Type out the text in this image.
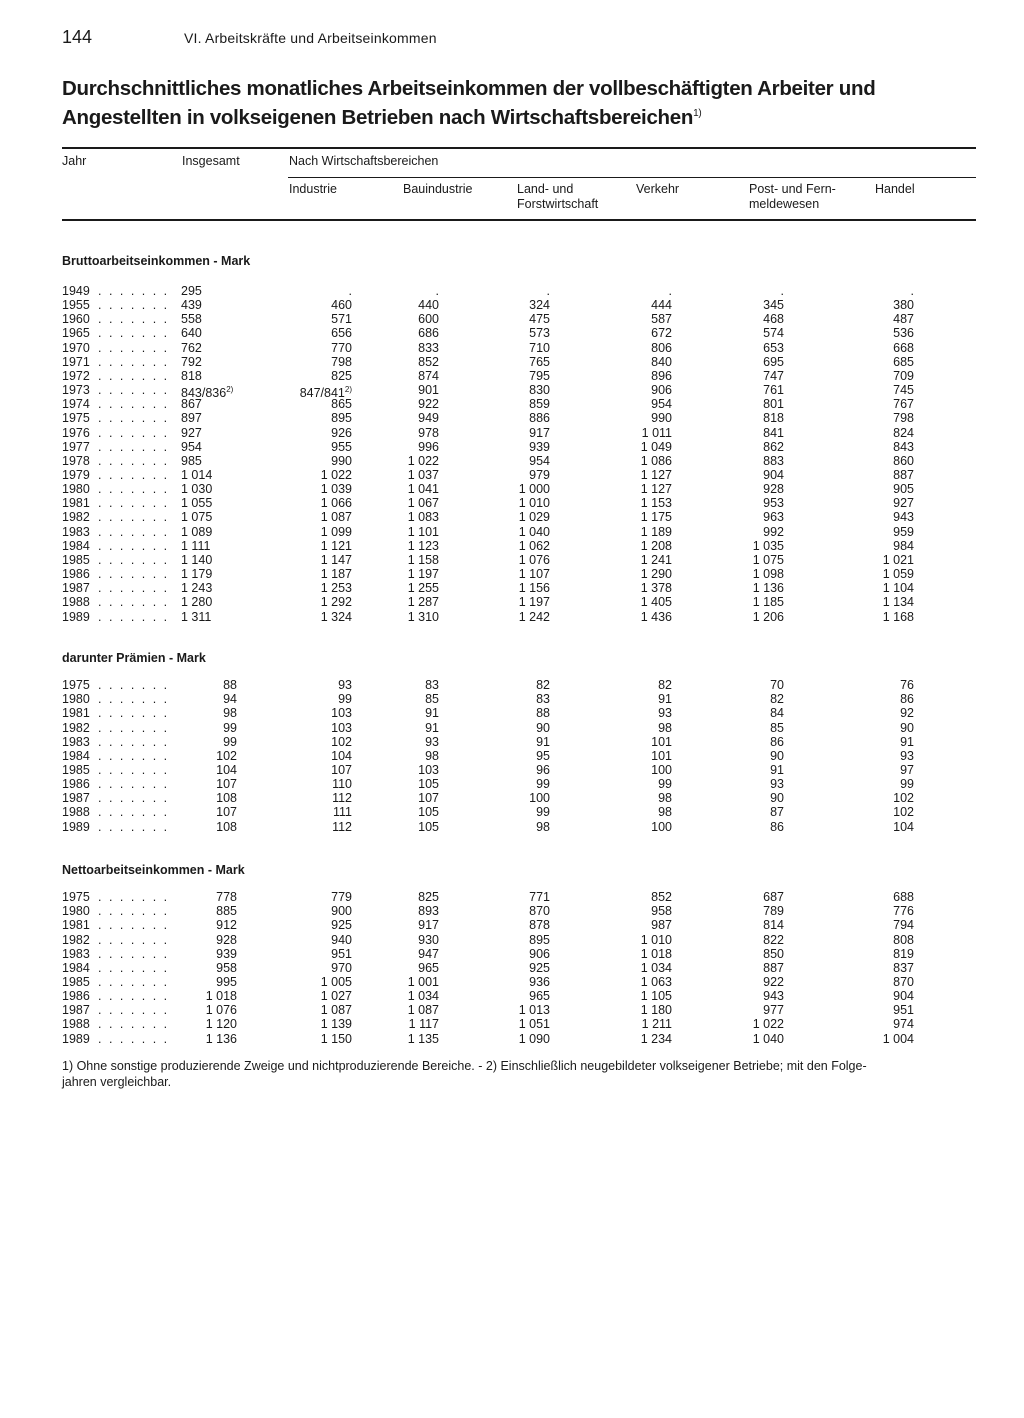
144	VI. Arbeitskräfte und Arbeitseinkommen
Durchschnittliches monatliches Arbeitseinkommen der vollbeschäftigten Arbeiter und
Angestellten in volkseigenen Betrieben nach Wirtschaftsbereichen$^{1)}$
Jahr	Insgesamt	Nach Wirtschaftsbereichen
Industrie	Bauindustrie	Land- und
Forstwirtschaft
Verkehr	Post- und Fern-
meldewesen
Handel
Bruttoarbeitseinkommen - Mark
darunter Prämien - Mark
Nettoarbeitseinkommen - Mark
1949 . . . . . . . 295	.	.	.	.	.	.
1955 . . . . . . . 439	460	440	324	444	345	380
1960 . . . . . . . 558	571	600	475	587	468	487
1965 . . . . . . . 640	656	686	573	672	574	536
1970 . . . . . . . 762	770	833	710	806	653	668
1971 . . . . . . . 792	798	852	765	840	695	685
1972 . . . . . . . 818	825	874	795	896	747	709
1973 . . . . . . . 843/836$^{2)}$	847/841$^{2)}$	901	830	906	761	745
1974 . . . . . . . 867	865	922	859	954	801	767
1975 . . . . . . . 897	895	949	886	990	818	798
1976 . . . . . . . 927	926	978	917	1 011	841	824
1977 . . . . . . . 954	955	996	939	1 049	862	843
1978 . . . . . . . 985	990	1 022	954	1 086	883	860
1979 . . . . . . . 1 014	1 022	1 037	979	1 127	904	887
1980 . . . . . . . 1 030	1 039	1 041	1 000	1 127	928	905
1981 . . . . . . . 1 055	1 066	1 067	1 010	1 153	953	927
1982 . . . . . . . 1 075	1 087	1 083	1 029	1 175	963	943
1983 . . . . . . . 1 089	1 099	1 101	1 040	1 189	992	959
1984 . . . . . . . 1 111	1 121	1 123	1 062	1 208	1 035	984
1985 . . . . . . . 1 140	1 147	1 158	1 076	1 241	1 075	1 021
1986 . . . . . . . 1 179	1 187	1 197	1 107	1 290	1 098	1 059
1987 . . . . . . . 1 243	1 253	1 255	1 156	1 378	1 136	1 104
1988 . . . . . . . 1 280	1 292	1 287	1 197	1 405	1 185	1 134
1989 . . . . . . . 1 311	1 324	1 310	1 242	1 436	1 206	1 168
1975 . . . . . . .	88	93	83	82	82	70	76
1980 . . . . . . .	94	99	85	83	91	82	86
1981 . . . . . . .	98	103	91	88	93	84	92
1982 . . . . . . .	99	103	91	90	98	85	90
1983 . . . . . . .	99	102	93	91	101	86	91
1984 . . . . . . .	102	104	98	95	101	90	93
1985 . . . . . . .	104	107	103	96	100	91	97
1986 . . . . . . .	107	110	105	99	99	93	99
1987 . . . . . . .	108	112	107	100	98	90	102
1988 . . . . . . .	107	111	105	99	98	87	102
1989 . . . . . . .	108	112	105	98	100	86	104
1975 . . . . . . .	778	779	825	771	852	687	688
1980 . . . . . . .	885	900	893	870	958	789	776
1981 . . . . . . .	912	925	917	878	987	814	794
1982 . . . . . . .	928	940	930	895	1 010	822	808
1983 . . . . . . .	939	951	947	906	1 018	850	819
1984 . . . . . . .	958	970	965	925	1 034	887	837
1985 . . . . . . .	995	1 005	1 001	936	1 063	922	870
1986 . . . . . . .	1 018	1 027	1 034	965	1 105	943	904
1987 . . . . . . .	1 076	1 087	1 087	1 013	1 180	977	951
1988 . . . . . . .	1 120	1 139	1 117	1 051	1 211	1 022	974
1989 . . . . . . .	1 136	1 150	1 135	1 090	1 234	1 040	1 004
1) Ohne sonstige produzierende Zweige und nichtproduzierende Bereiche. - 2) Einschließlich neugebildeter volkseigener Betriebe; mit den Folge-
jahren vergleichbar.
